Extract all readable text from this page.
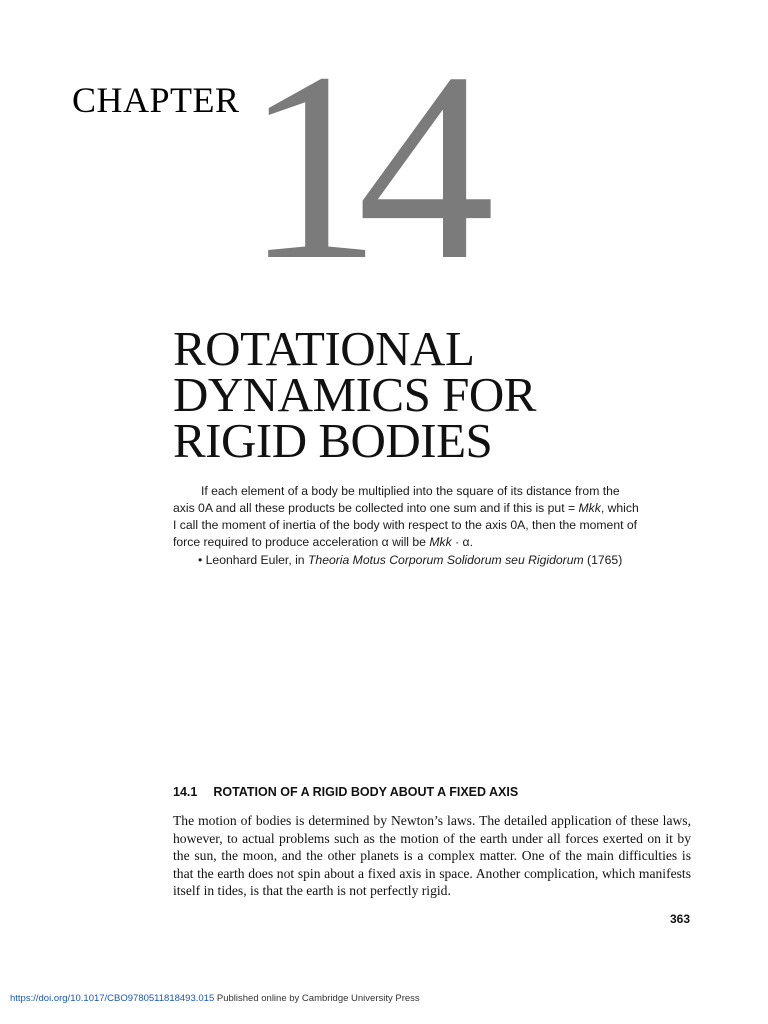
CHAPTER 14
ROTATIONAL
DYNAMICS FOR
RIGID BODIES

If each element of a body be multiplied into the square of its distance from the axis 0A and all these products be collected into one sum and if this is put = Mkk, which I call the moment of inertia of the body with respect to the axis 0A, then the moment of force required to produce acceleration α will be Mkk · α.

• Leonhard Euler, in Theoria Motus Corporum Solidorum seu Rigidorum (1765)
14.1 ROTATION OF A RIGID BODY ABOUT A FIXED AXIS

The motion of bodies is determined by Newton’s laws. The detailed application of these laws, however, to actual problems such as the motion of the earth under all forces exerted on it by the sun, the moon, and the other planets is a complex matter. One of the main difficulties is that the earth does not spin about a fixed axis in space. Another complication, which manifests itself in tides, is that the earth is not perfectly rigid.

363
https://doi.org/10.1017/CBO9780511818493.015 Published online by Cambridge University Press
